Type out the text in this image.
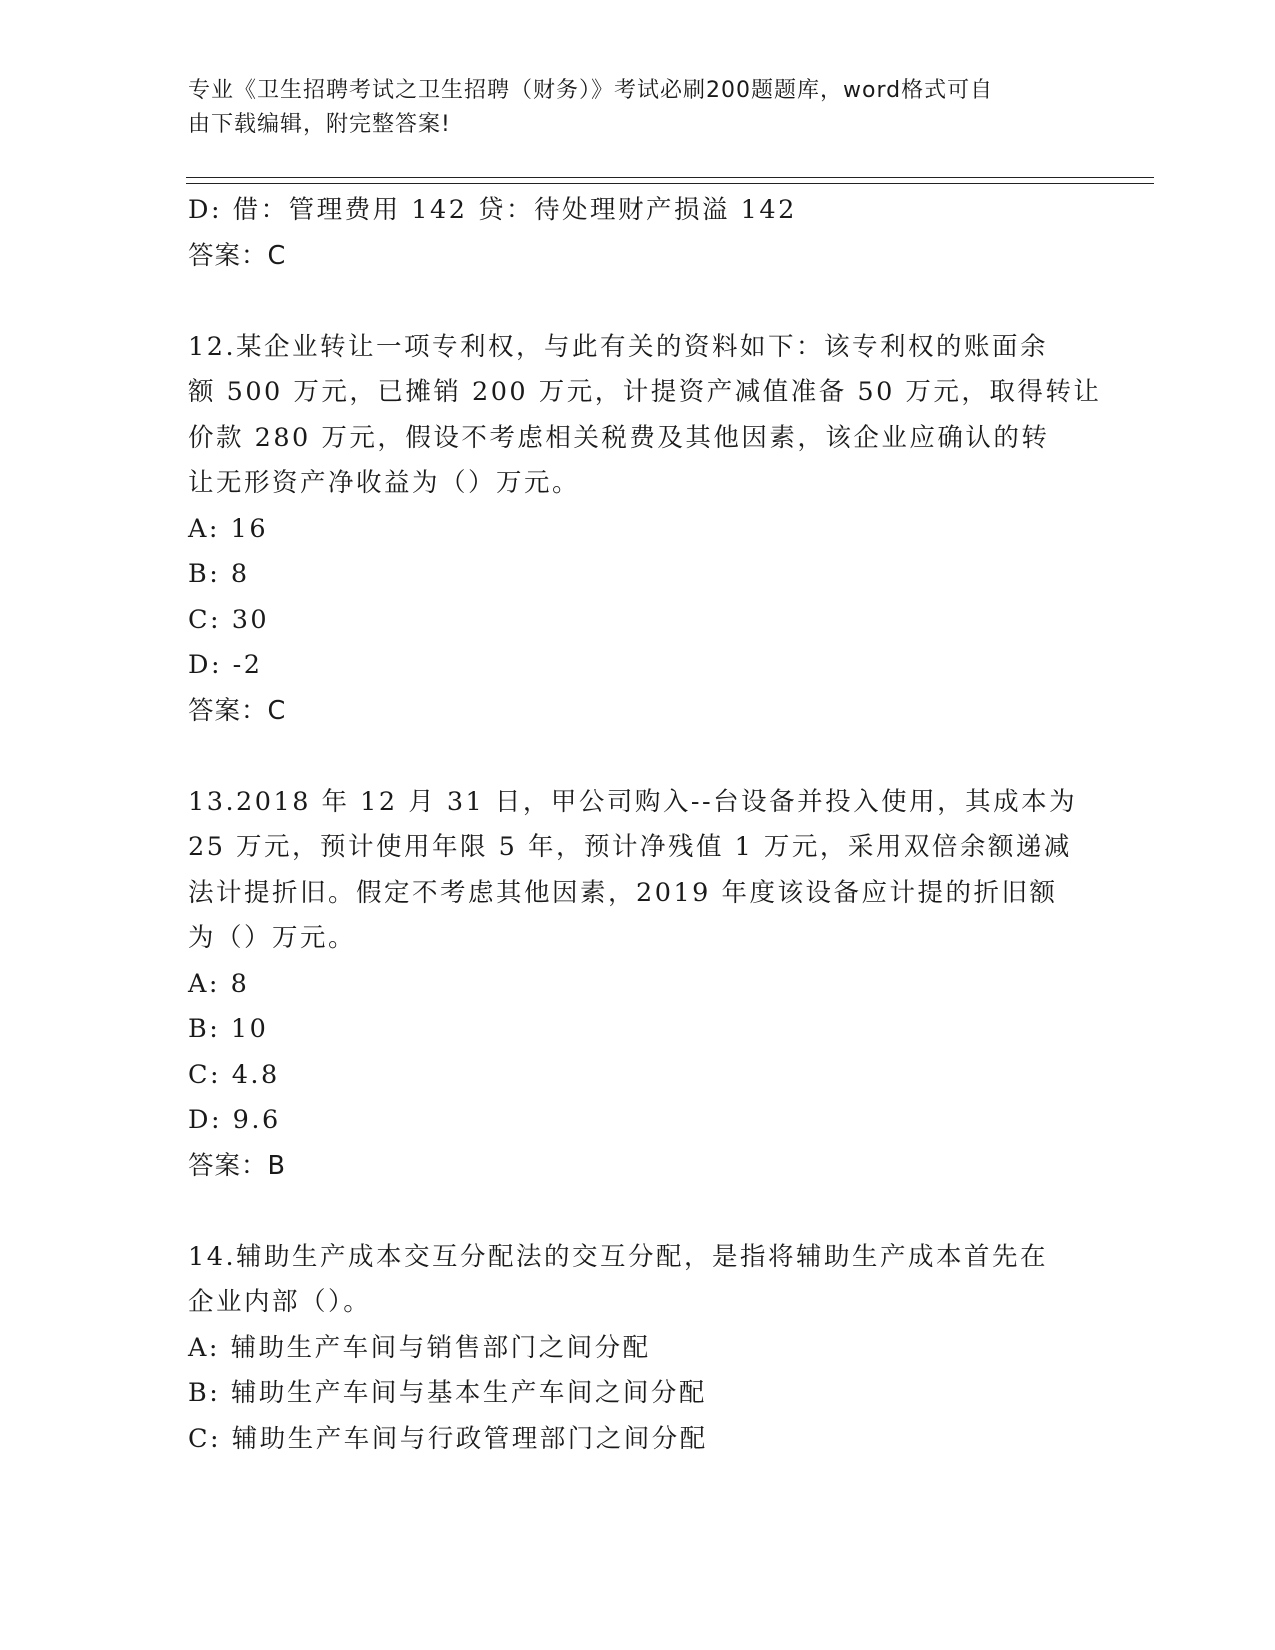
专业《卫生招聘考试之卫生招聘（财务）》考试必刷200题题库，word格式可自
由下载编辑，附完整答案!
D: 借：管理费用 142 贷：待处理财产损溢 142
答案：C
12.某企业转让一项专利权，与此有关的资料如下：该专利权的账面余
额 500 万元，已摊销 200 万元，计提资产减值准备 50 万元，取得转让
价款 280 万元，假设不考虑相关税费及其他因素，该企业应确认的转
让无形资产净收益为（）万元。
A: 16
B: 8
C: 30
D: -2
答案：C
13.2018 年 12 月 31 日，甲公司购入--台设备并投入使用，其成本为
25 万元，预计使用年限 5 年，预计净残值 1 万元，采用双倍余额递减
法计提折旧。假定不考虑其他因素，2019 年度该设备应计提的折旧额
为（）万元。
A: 8
B: 10
C: 4.8
D: 9.6
答案：B
14.辅助生产成本交互分配法的交互分配，是指将辅助生产成本首先在
企业内部（）。
A: 辅助生产车间与销售部门之间分配
B: 辅助生产车间与基本生产车间之间分配
C: 辅助生产车间与行政管理部门之间分配
